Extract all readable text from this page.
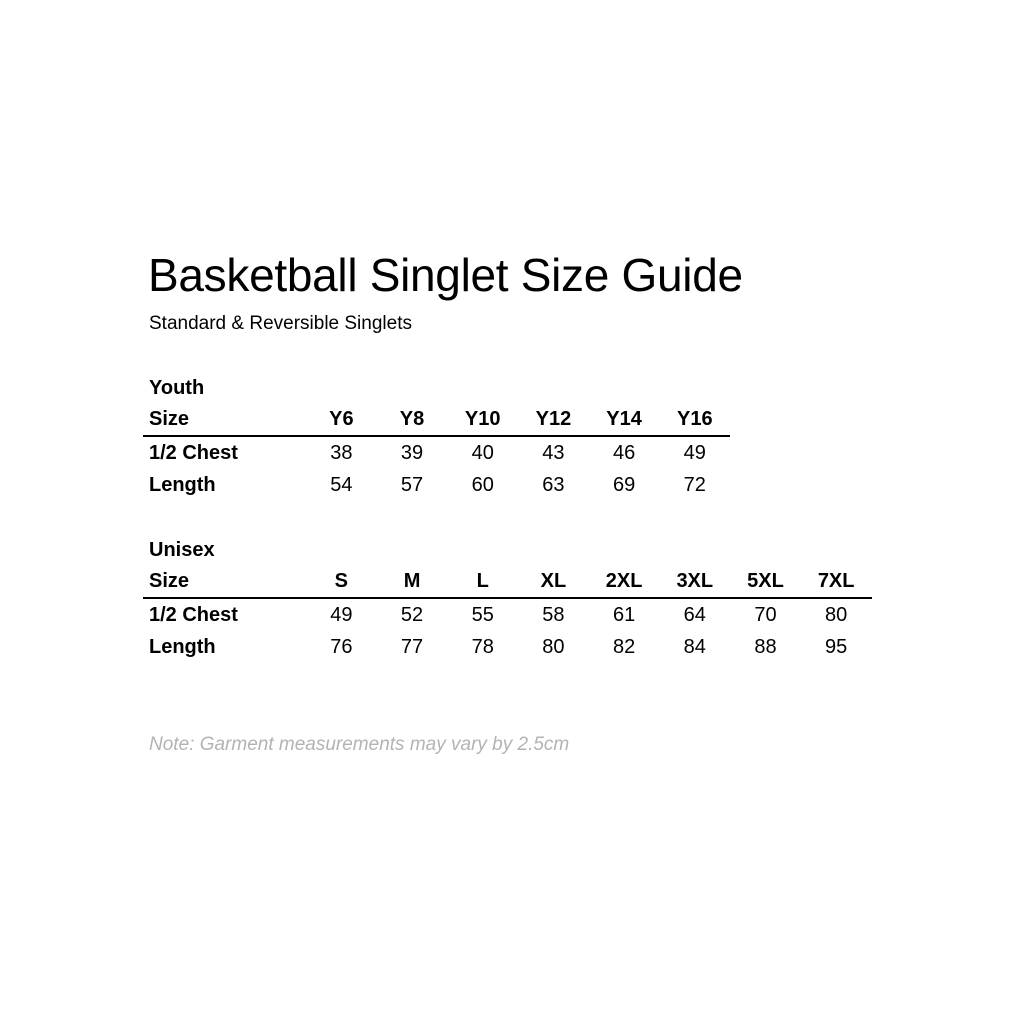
Basketball Singlet Size Guide
Standard & Reversible Singlets
Youth
Size	Y6	Y8	Y10	Y12	Y14	Y16
1/2 Chest	38	39	40	43	46	49
Length	54	57	60	63	69	72
Unisex
Size	S	M	L	XL	2XL	3XL	5XL	7XL
1/2 Chest	49	52	55	58	61	64	70	80
Length	76	77	78	80	82	84	88	95
Note: Garment measurements may vary by 2.5cm
